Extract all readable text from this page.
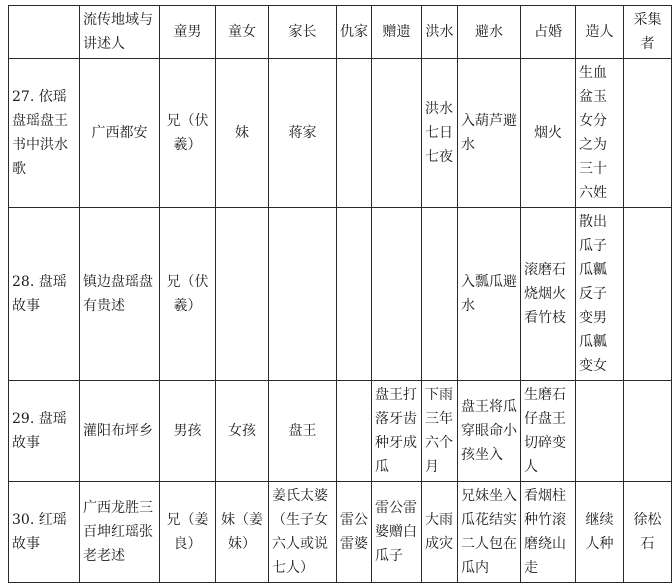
	流传地域与讲述人	童男	童女	家长	仇家	赠遗	洪水	避水	占婚	造人	采集者
27. 依瑶盘瑶盘王书中洪水歌	广西都安	兄（伏羲）	妹	蒋家			洪水七日七夜	入葫芦避水	烟火	生血盆玉女分之为三十六姓	
28. 盘瑶故事	镇边盘瑶盘有贵述	兄（伏羲）						入瓢瓜避水	滚磨石烧烟火看竹枝	散出瓜子瓜瓤反子变男瓜瓤变女	
29. 盘瑶故事	灌阳布坪乡	男孩	女孩	盘王		盘王打落牙齿种牙成瓜	下雨三年六个月	盘王将瓜穿眼命小孩坐入	生磨石仔盘王切碎变人		
30. 红瑶故事	广西龙胜三百坤红瑶张老老述	兄（姜良）	妹（姜妹）	姜氏太婆（生子女六人或说七人）	雷公雷婆	雷公雷婆赠白瓜子	大雨成灾	兄妹坐入瓜花结实二人包在瓜内	看烟柱种竹滚磨绕山走	继续人种	徐松石
